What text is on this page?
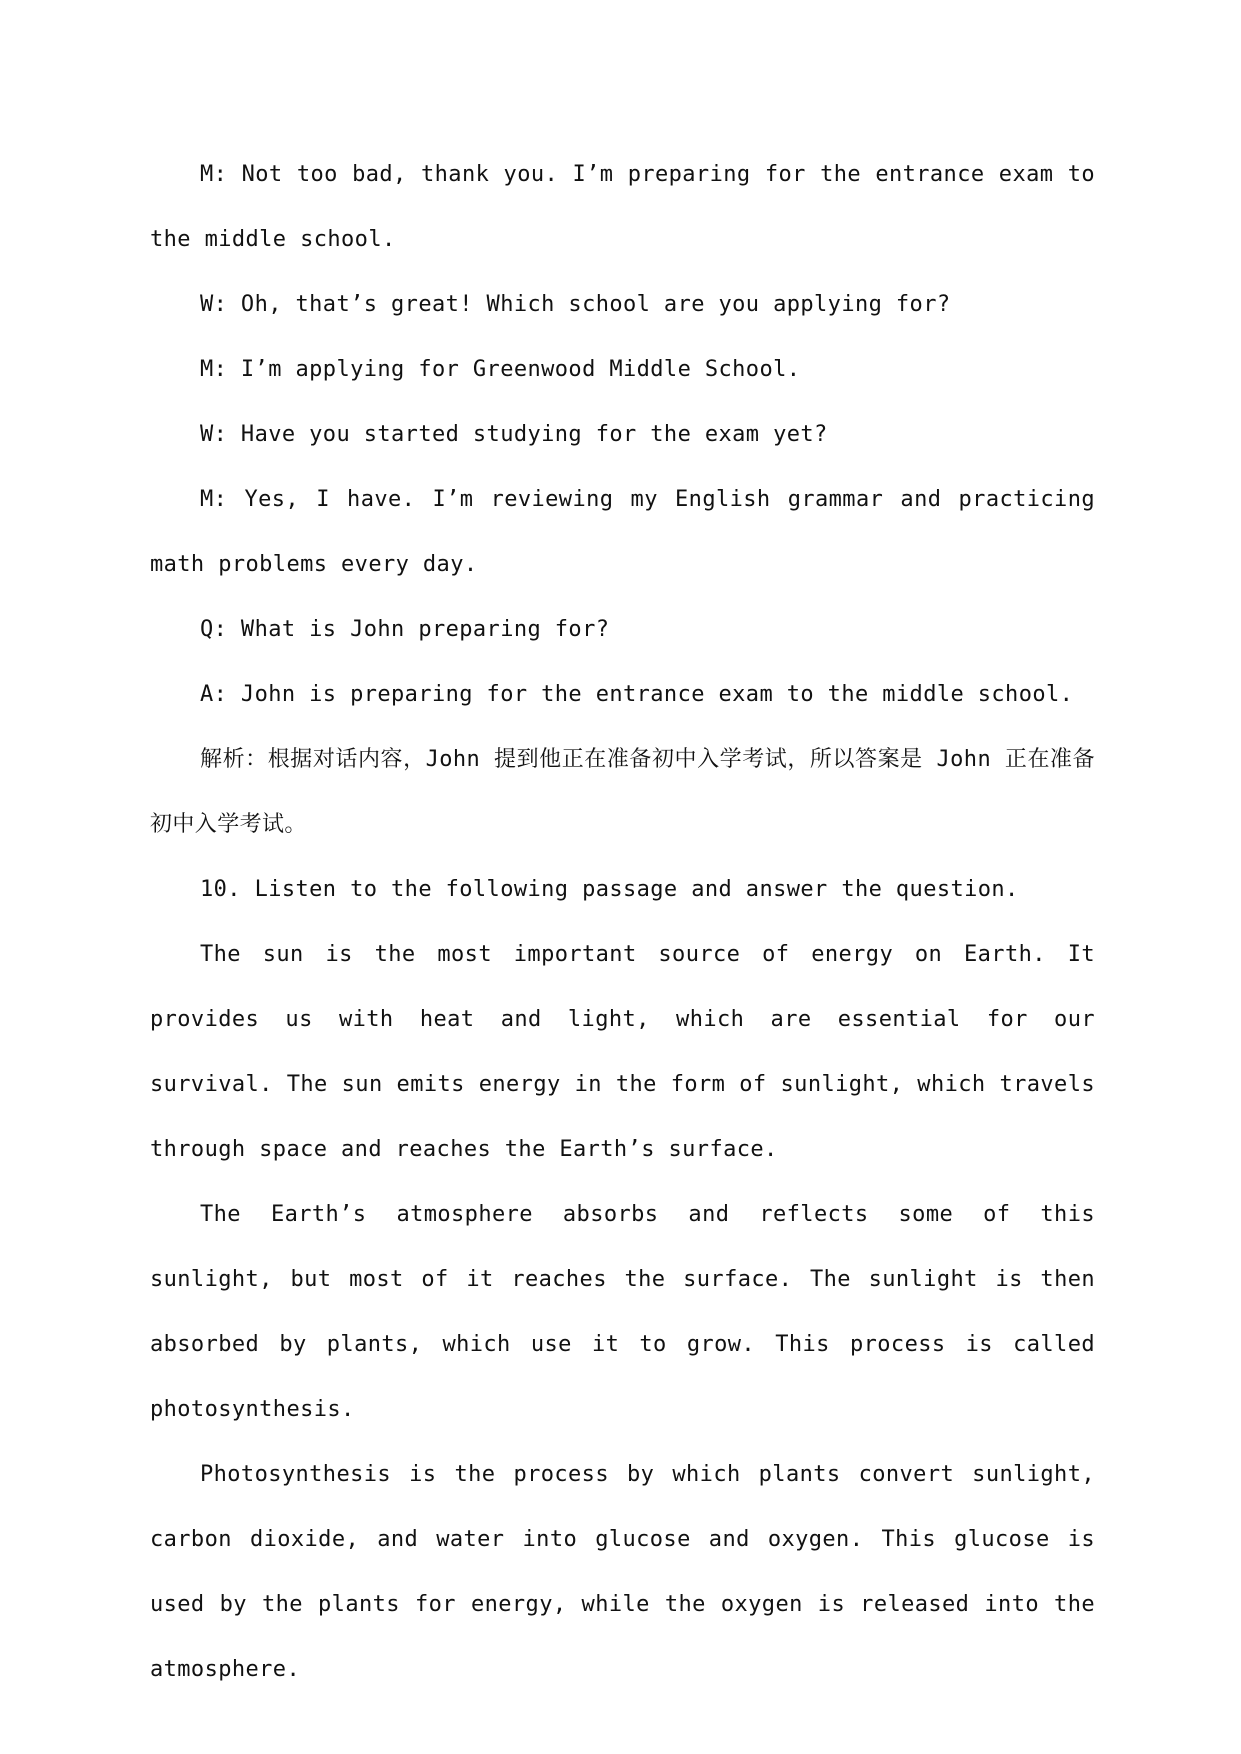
M: Not too bad, thank you. I’m preparing for the entrance exam to the middle school.

W: Oh, that’s great! Which school are you applying for?

M: I’m applying for Greenwood Middle School.

W: Have you started studying for the exam yet?

M: Yes, I have. I’m reviewing my English grammar and practicing math problems every day.

Q: What is John preparing for?

A: John is preparing for the entrance exam to the middle school.

解析：根据对话内容，John 提到他正在准备初中入学考试，所以答案是 John 正在准备初中入学考试。

10. Listen to the following passage and answer the question.

The sun is the most important source of energy on Earth. It provides us with heat and light, which are essential for our survival. The sun emits energy in the form of sunlight, which travels through space and reaches the Earth’s surface.

The Earth’s atmosphere absorbs and reflects some of this sunlight, but most of it reaches the surface. The sunlight is then absorbed by plants, which use it to grow. This process is called photosynthesis.

Photosynthesis is the process by which plants convert sunlight, carbon dioxide, and water into glucose and oxygen. This glucose is used by the plants for energy, while the oxygen is released into the atmosphere.
